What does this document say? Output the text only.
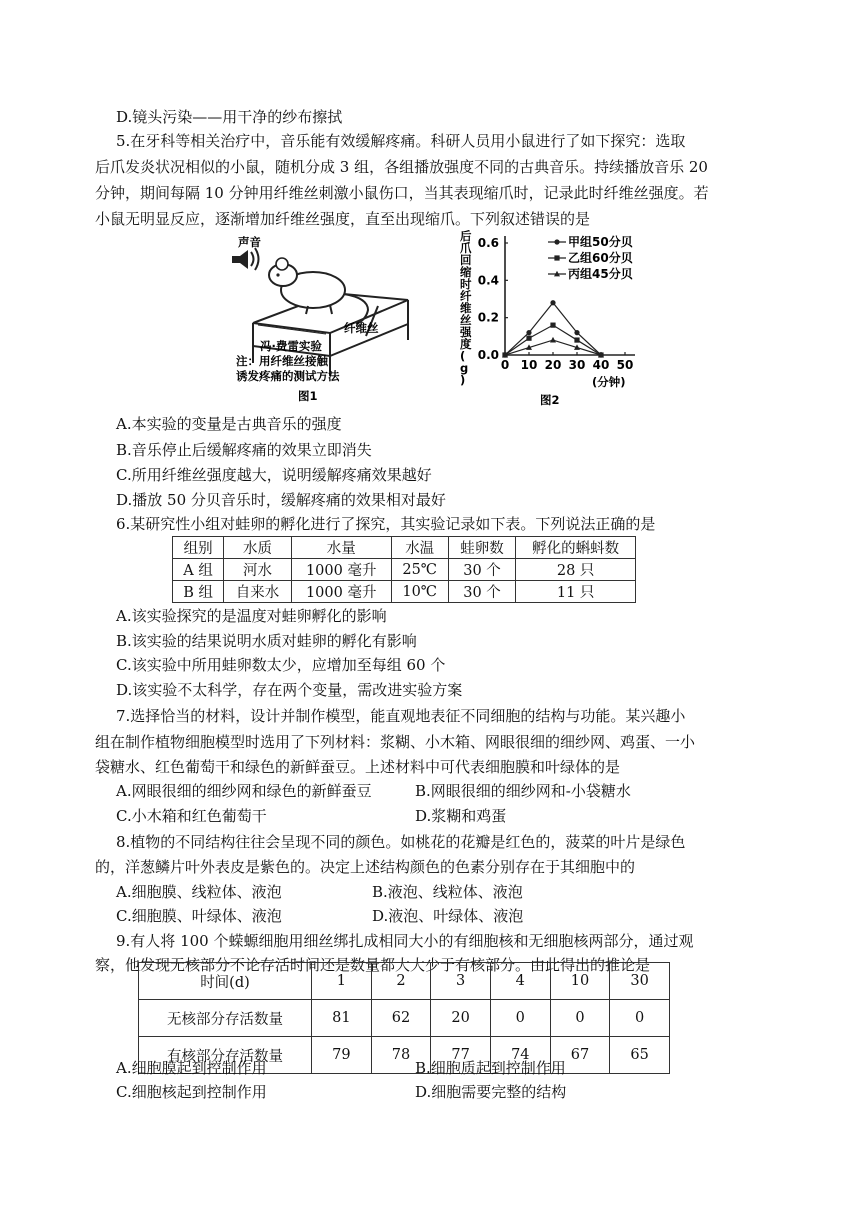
D.镜头污染——用干净的纱布擦拭
5.在牙科等相关治疗中，音乐能有效缓解疼痛。科研人员用小鼠进行了如下探究：选取
后爪发炎状况相似的小鼠，随机分成 3 组，各组播放强度不同的古典音乐。持续播放音乐 20
分钟，期间每隔 10 分钟用纤维丝刺激小鼠伤口，当其表现缩爪时，记录此时纤维丝强度。若
小鼠无明显反应，逐渐增加纤维丝强度，直至出现缩爪。下列叙述错误的是
声音
纤维丝
冯·费雷实验
注：用纤维丝接触
诱发疼痛的测试方法
图1
后爪回缩时纤维丝强度( g )
0 10 20 30 40 50
0.0
0.2
0.4
0.6	甲组50分贝
乙组60分贝
丙组45分贝
(分钟)
图2
A.本实验的变量是古典音乐的强度
B.音乐停止后缓解疼痛的效果立即消失
C.所用纤维丝强度越大，说明缓解疼痛效果越好
D.播放 50 分贝音乐时，缓解疼痛的效果相对最好
6.某研究性小组对蛙卵的孵化进行了探究，其实验记录如下表。下列说法正确的是
组别	水质	水量	水温	蛙卵数	孵化的蝌蚪数
A 组	河水	1000 毫升	25℃	30 个	28 只
B 组	自来水	1000 毫升	10℃	30 个	11 只
A.该实验探究的是温度对蛙卵孵化的影响
B.该实验的结果说明水质对蛙卵的孵化有影响
C.该实验中所用蛙卵数太少，应增加至每组 60 个
D.该实验不太科学，存在两个变量，需改进实验方案
7.选择恰当的材料，设计并制作模型，能直观地表征不同细胞的结构与功能。某兴趣小
组在制作植物细胞模型时选用了下列材料：浆糊、小木箱、网眼很细的细纱网、鸡蛋、一小
袋糖水、红色葡萄干和绿色的新鲜蚕豆。上述材料中可代表细胞膜和叶绿体的是
A.网眼很细的细纱网和绿色的新鲜蚕豆	B.网眼很细的细纱网和-小袋糖水
C.小木箱和红色葡萄干	D.浆糊和鸡蛋
8.植物的不同结构往往会呈现不同的颜色。如桃花的花瓣是红色的，菠菜的叶片是绿色
的，洋葱鳞片叶外表皮是紫色的。决定上述结构颜色的色素分别存在于其细胞中的
A.细胞膜、线粒体、液泡	B.液泡、线粒体、液泡
C.细胞膜、叶绿体、液泡	D.液泡、叶绿体、液泡
9.有人将 100 个蝾螈细胞用细丝绑扎成相同大小的有细胞核和无细胞核两部分，通过观
察，他发现无核部分不论存活时间还是数量都大大少于有核部分。由此得出的推论是
时间(d)	1	2	3	4	10	30
无核部分存活数量	81	62	20	0	0	0
有核部分存活数量	79	78	77	74	67	65
A.细胞膜起到控制作用	B.细胞质起到控制作用
C.细胞核起到控制作用	D.细胞需要完整的结构
